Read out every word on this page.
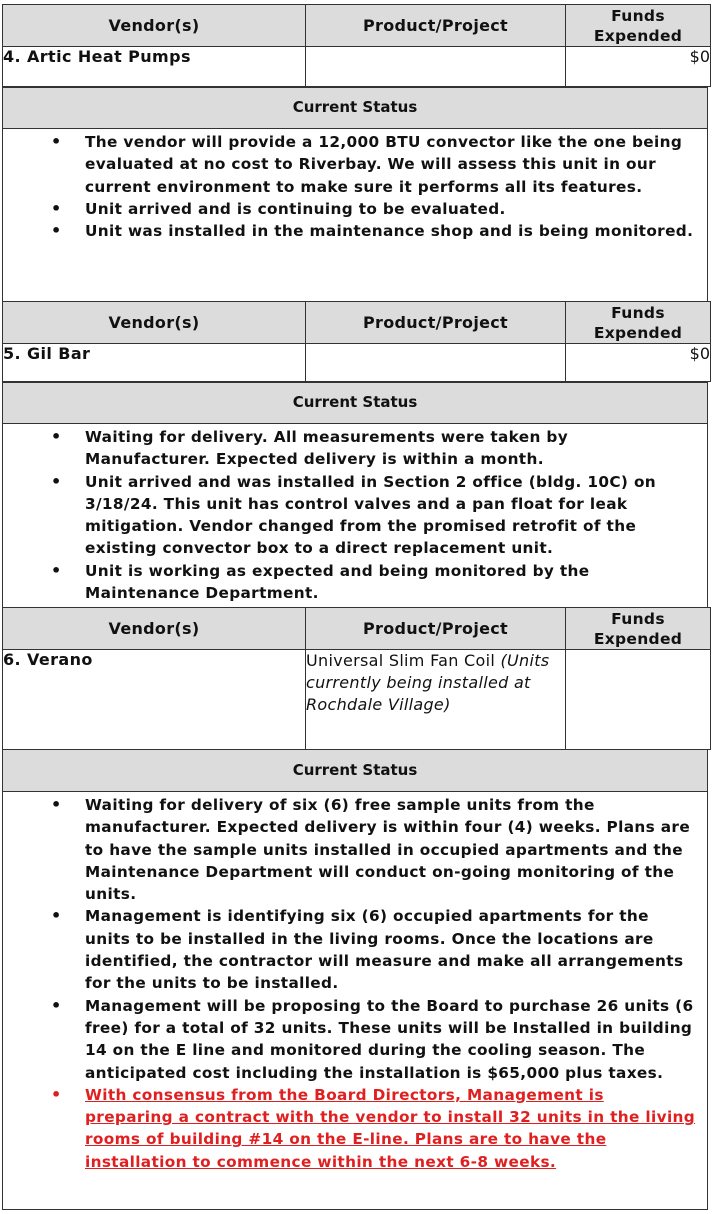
Vendor(s)	Product/Project	Funds
Expended
4. Artic Heat Pumps		$0
Current Status
• The vendor will provide a 12,000 BTU convector like the one being evaluated at no cost to Riverbay. We will assess this unit in our current environment to make sure it performs all its features.
• Unit arrived and is continuing to be evaluated.
• Unit was installed in the maintenance shop and is being monitored.
Vendor(s)	Product/Project	Funds
Expended
5. Gil Bar		$0
Current Status
• Waiting for delivery. All measurements were taken by Manufacturer. Expected delivery is within a month.
• Unit arrived and was installed in Section 2 office (bldg. 10C) on 3/18/24. This unit has control valves and a pan float for leak mitigation. Vendor changed from the promised retrofit of the existing convector box to a direct replacement unit.
• Unit is working as expected and being monitored by the Maintenance Department.
Vendor(s)	Product/Project	Funds
Expended
6. Verano	Universal Slim Fan Coil (Units currently being installed at Rochdale Village)	
Current Status
• Waiting for delivery of six (6) free sample units from the manufacturer. Expected delivery is within four (4) weeks. Plans are to have the sample units installed in occupied apartments and the Maintenance Department will conduct on-going monitoring of the units.
• Management is identifying six (6) occupied apartments for the units to be installed in the living rooms. Once the locations are identified, the contractor will measure and make all arrangements for the units to be installed.
• Management will be proposing to the Board to purchase 26 units (6 free) for a total of 32 units. These units will be Installed in building 14 on the E line and monitored during the cooling season. The anticipated cost including the installation is $65,000 plus taxes.
• With consensus from the Board Directors, Management is preparing a contract with the vendor to install 32 units in the living rooms of building #14 on the E-line. Plans are to have the installation to commence within the next 6-8 weeks.
